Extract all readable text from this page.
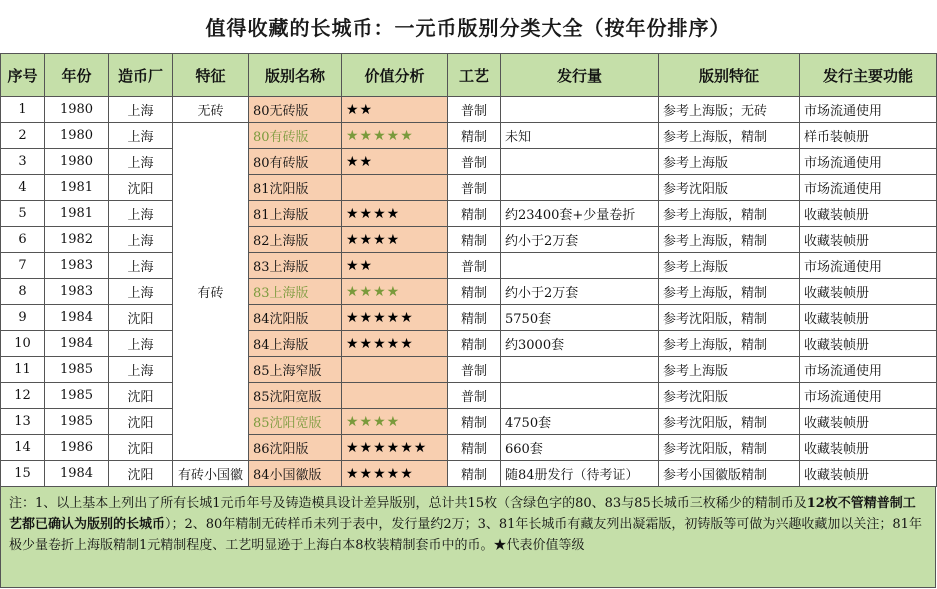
值得收藏的长城币：一元币版别分类大全（按年份排序）
序号	年份	造币厂	特征	版别名称	价值分析	工艺	发行量	版别特征	发行主要功能
1	1980	上海	无砖	80无砖版	★★	普制		参考上海版；无砖	市场流通使用
2	1980	上海	有砖	80有砖版	★★★★★	精制	未知	参考上海版，精制	样币装帧册
3	1980	上海		80有砖版	★★	普制		参考上海版	市场流通使用
4	1981	沈阳		81沈阳版		普制		参考沈阳版	市场流通使用
5	1981	上海		81上海版	★★★★	精制	约23400套+少量卷折	参考上海版，精制	收藏装帧册
6	1982	上海		82上海版	★★★★	精制	约小于2万套	参考上海版，精制	收藏装帧册
7	1983	上海		83上海版	★★	普制		参考上海版	市场流通使用
8	1983	上海		83上海版	★★★★	精制	约小于2万套	参考上海版，精制	收藏装帧册
9	1984	沈阳		84沈阳版	★★★★★	精制	5750套	参考沈阳版，精制	收藏装帧册
10	1984	上海		84上海版	★★★★★	精制	约3000套	参考上海版，精制	收藏装帧册
11	1985	上海		85上海窄版		普制		参考上海版	市场流通使用
12	1985	沈阳		85沈阳宽版		普制		参考沈阳版	市场流通使用
13	1985	沈阳		85沈阳宽版	★★★★	精制	4750套	参考沈阳版，精制	收藏装帧册
14	1986	沈阳		86沈阳版	★★★★★★	精制	660套	参考沈阳版，精制	收藏装帧册
15	1984	沈阳	有砖小国徽	84小国徽版	★★★★★	精制	随84册发行（待考证）	参考小国徽版精制	收藏装帧册
注：1、以上基本上列出了所有长城1元币年号及铸造模具设计差异版别，总计共15枚（含绿色字的80、83与85长城币三枚稀少的精制币及12枚不管精普制工艺都已确认为版别的长城币）；2、80年精制无砖样币未列于表中，发行量约2万；3、81年长城币有藏友列出凝霜版，初铸版等可做为兴趣收藏加以关注；81年极少量卷折上海版精制1元精制程度、工艺明显逊于上海白本8枚装精制套币中的币。★代表价值等级
